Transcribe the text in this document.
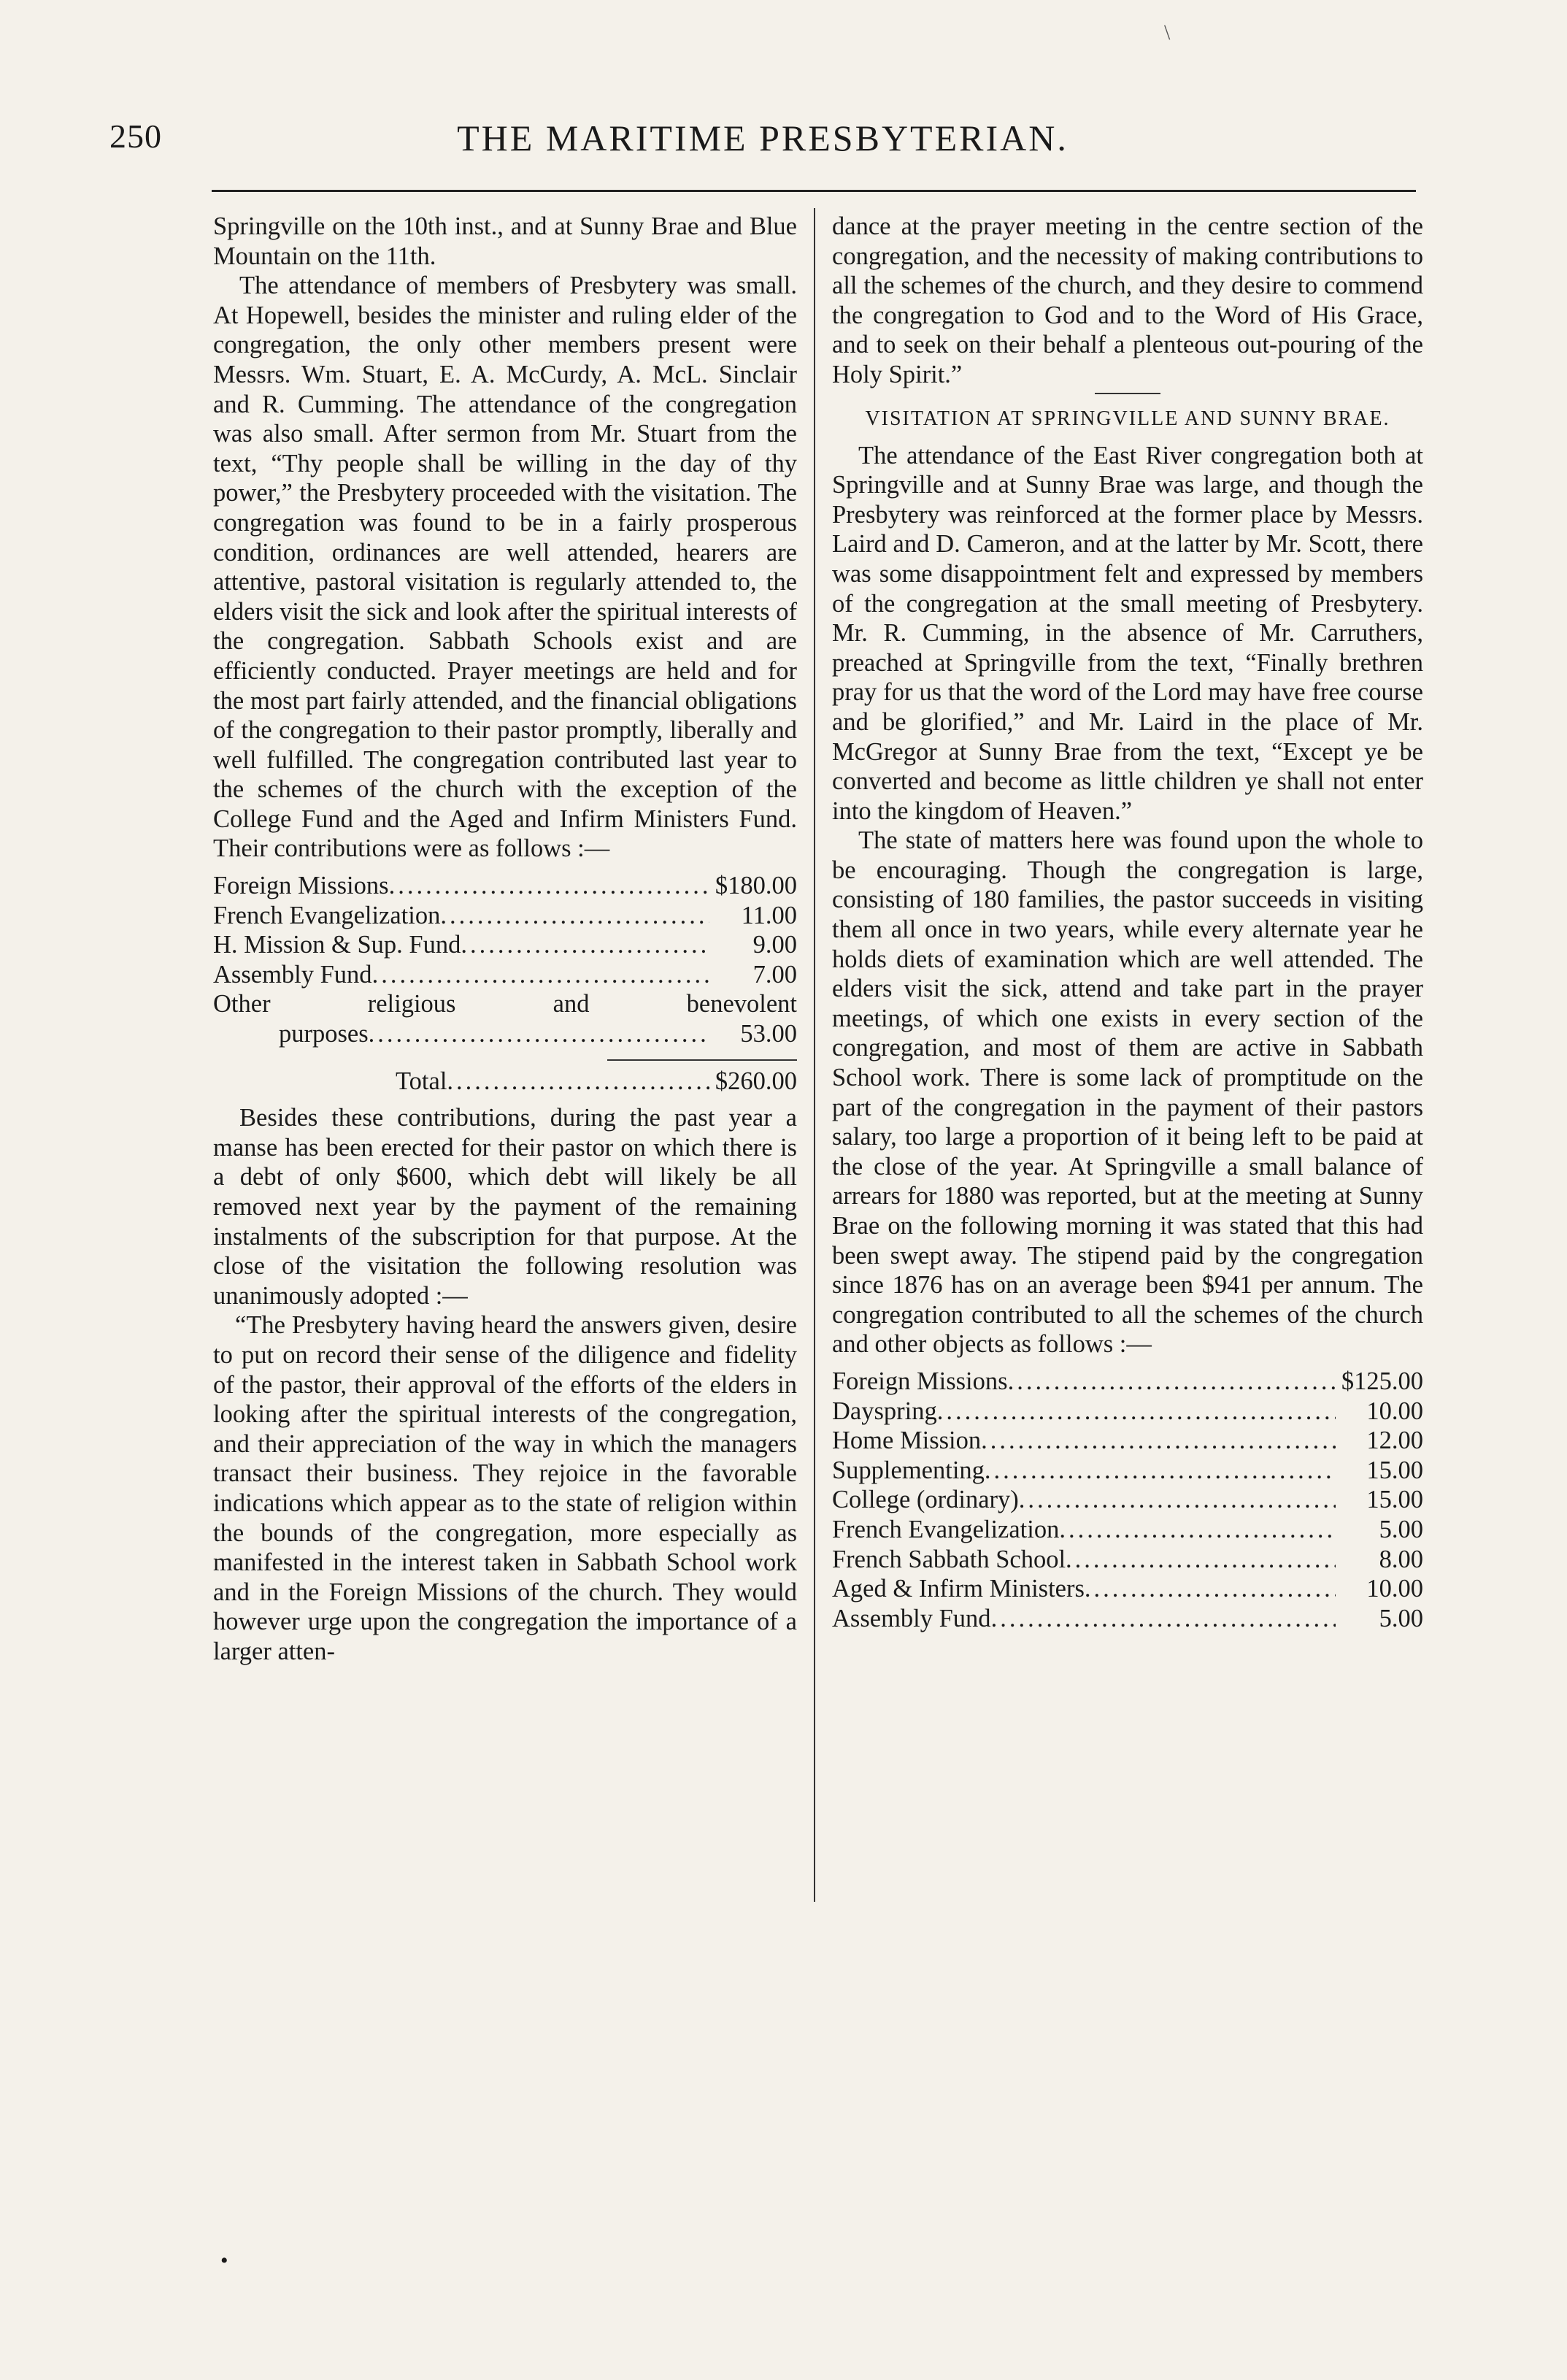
\
250	THE MARITIME PRESBYTERIAN.

Springville on the 10th inst., and at Sunny Brae and Blue Mountain on the 11th.

The attendance of members of Presbytery was small. At Hopewell, besides the minister and ruling elder of the congregation, the only other members present were Messrs. Wm. Stuart, E. A. McCurdy, A. McL. Sinclair and R. Cumming. The attendance of the congregation was also small. After sermon from Mr. Stuart from the text, “Thy people shall be willing in the day of thy power,” the Presbytery proceeded with the visitation. The congregation was found to be in a fairly prosperous condition, ordinances are well attended, hearers are attentive, pastoral visitation is regularly attended to, the elders visit the sick and look after the spiritual interests of the congregation. Sabbath Schools exist and are efficiently conducted. Prayer meetings are held and for the most part fairly attended, and the financial obligations of the congregation to their pastor promptly, liberally and well fulfilled. The congregation contributed last year to the schemes of the church with the exception of the College Fund and the Aged and Infirm Ministers Fund. Their contributions were as follows :—

Foreign Missions .....	$180.00
French Evangelization .....	11.00
H. Mission & Sup. Fund .....	9.00
Assembly Fund .....	7.00
Other religious and benevolent
purposes .....	53.00
Total .....	$260.00

Besides these contributions, during the past year a manse has been erected for their pastor on which there is a debt of only $600, which debt will likely be all removed next year by the payment of the remaining instalments of the subscription for that purpose. At the close of the visitation the following resolution was unanimously adopted :—

“The Presbytery having heard the answers given, desire to put on record their sense of the diligence and fidelity of the pastor, their approval of the efforts of the elders in looking after the spiritual interests of the congregation, and their appreciation of the way in which the managers transact their business. They rejoice in the favorable indications which appear as to the state of religion within the bounds of the congregation, more especially as manifested in the interest taken in Sabbath School work and in the Foreign Missions of the church. They would however urge upon the congregation the importance of a larger atten-

dance at the prayer meeting in the centre section of the congregation, and the necessity of making contributions to all the schemes of the church, and they desire to commend the congregation to God and to the Word of His Grace, and to seek on their behalf a plenteous out-pouring of the Holy Spirit.”

VISITATION AT SPRINGVILLE AND SUNNY BRAE.

The attendance of the East River congregation both at Springville and at Sunny Brae was large, and though the Presbytery was reinforced at the former place by Messrs. Laird and D. Cameron, and at the latter by Mr. Scott, there was some disappointment felt and expressed by members of the congregation at the small meeting of Presbytery. Mr. R. Cumming, in the absence of Mr. Carruthers, preached at Springville from the text, “Finally brethren pray for us that the word of the Lord may have free course and be glorified,” and Mr. Laird in the place of Mr. McGregor at Sunny Brae from the text, “Except ye be converted and become as little children ye shall not enter into the kingdom of Heaven.”

The state of matters here was found upon the whole to be encouraging. Though the congregation is large, consisting of 180 families, the pastor succeeds in visiting them all once in two years, while every alternate year he holds diets of examination which are well attended. The elders visit the sick, attend and take part in the prayer meetings, of which one exists in every section of the congregation, and most of them are active in Sabbath School work. There is some lack of promptitude on the part of the congregation in the payment of their pastors salary, too large a proportion of it being left to be paid at the close of the year. At Springville a small balance of arrears for 1880 was reported, but at the meeting at Sunny Brae on the following morning it was stated that this had been swept away. The stipend paid by the congregation since 1876 has on an average been $941 per annum. The congregation contributed to all the schemes of the church and other objects as follows :—

Foreign Missions .....	$125.00
Dayspring .....	10.00
Home Mission .....	12.00
Supplementing .....	15.00
College (ordinary) .....	15.00
French Evangelization .....	5.00
French Sabbath School .....	8.00
Aged & Infirm Ministers .....	10.00
Assembly Fund .....	5.00
•
